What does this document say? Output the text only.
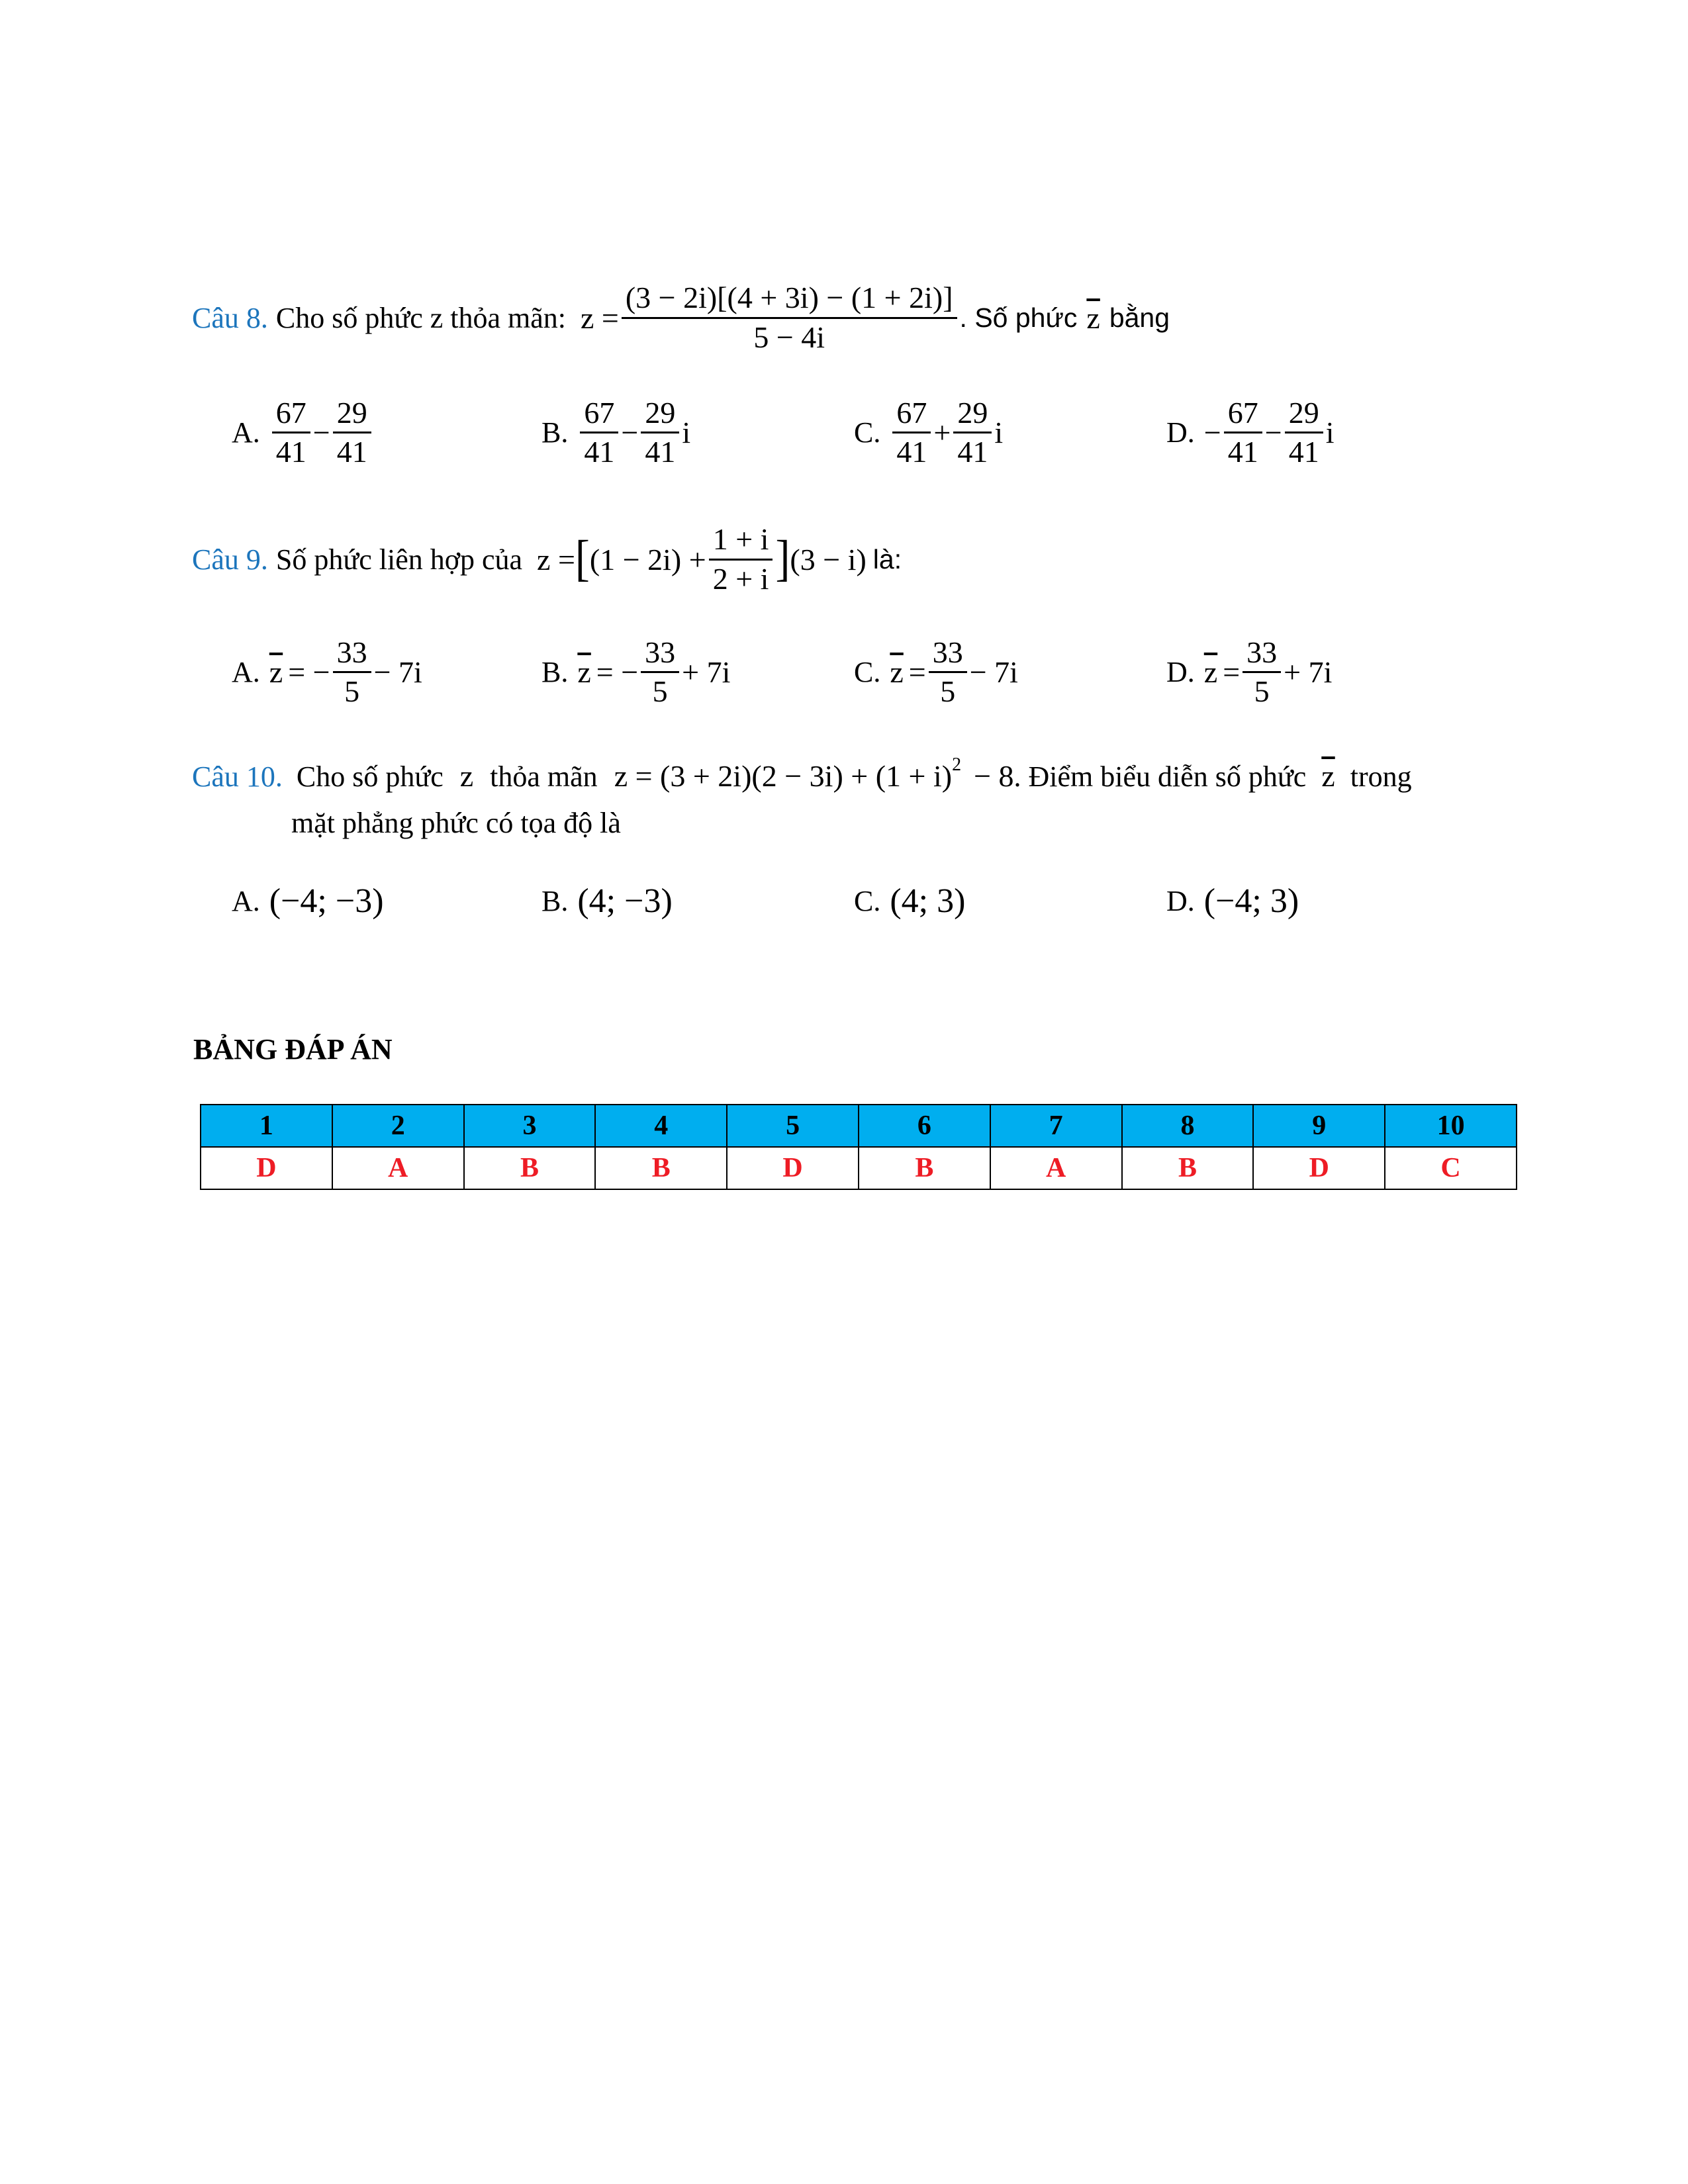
Câu 8. Cho số phức z thỏa mãn: $z = \frac{(3 - 2i)[(4 + 3i) - (1 + 2i)]}{5 - 4i}$ . Số phức $\overline{z}$ bằng
A. $\frac{67}{41} - \frac{29}{41}$	B. $\frac{67}{41} - \frac{29}{41}$ i	C. $\frac{67}{41} + \frac{29}{41}$ i	D. − $\frac{67}{41} - \frac{29}{41}$ i
Câu 9. Số phức liên hợp của z = [ $(1 - 2i) + \frac{1 + i}{2 + i}$ ] (3 − i) là:
A. $\overline{z}$ = − $\frac{33}{5} - 7i$	B. $\overline{z}$ = − $\frac{33}{5} + 7i$	C. $\overline{z} = \frac{33}{5} - 7i$	D. $\overline{z} = \frac{33}{5} + 7i$
Câu 10. Cho số phức z thỏa mãn $z = (3 + 2i)(2 - 3i) + (1 + i)^2 - 8$. Điểm biểu diễn số phức $\overline{z}$ trong
mặt phẳng phức có tọa độ là
A. (−4; −3)	B. (4; −3)	C. (4; 3)	D. (−4; 3)
BẢNG ĐÁP ÁN
1	2	3	4	5	6	7	8	9	10
D	A	B	B	D	B	A	B	D	C
